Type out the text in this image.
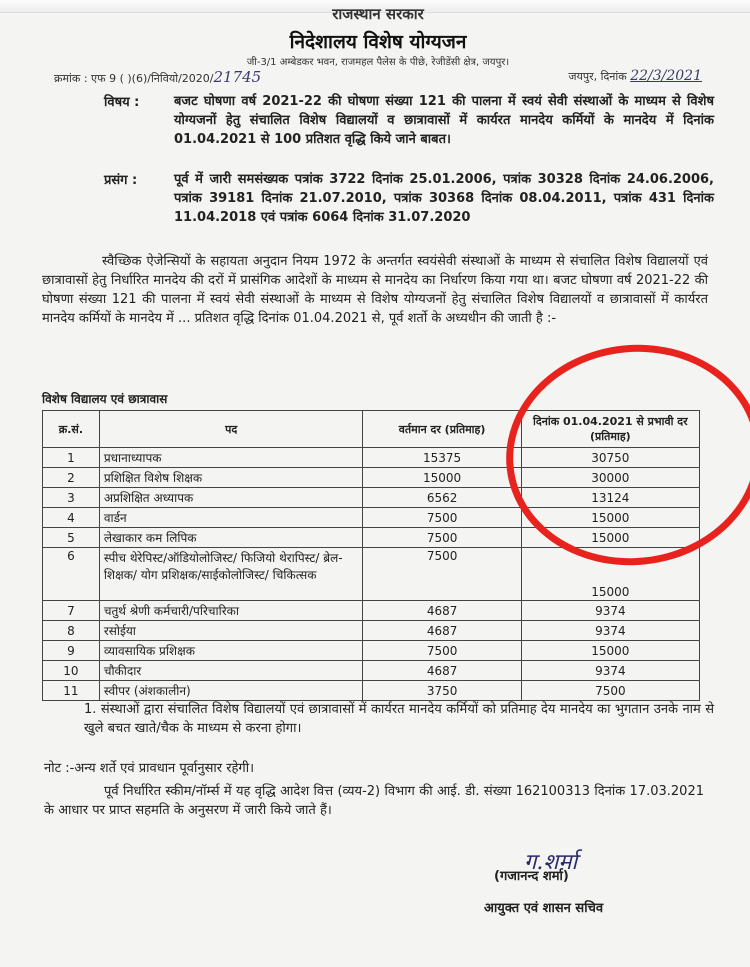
राजस्थान सरकार
निदेशालय विशेष योग्यजन
जी-3/1 अम्बेडकर भवन, राजमहल पैलेस के पीछे, रेजीडेंसी क्षेत्र, जयपुर।
क्रमांक : एफ 9 ( )(6)/निवियो/2020/21745	जयपुर, दिनांक 22/3/2021
विषय :	बजट घोषणा वर्ष 2021-22 की घोषणा संख्या 121 की पालना में स्वयं सेवी संस्थाओं के माध्यम से विशेष योग्यजनों हेतु संचालित विशेष विद्यालयों व छात्रावासों में कार्यरत मानदेय कर्मियों के मानदेय में दिनांक 01.04.2021 से 100 प्रतिशत वृद्धि किये जाने बाबत।
प्रसंग :	पूर्व में जारी समसंख्यक पत्रांक 3722 दिनांक 25.01.2006, पत्रांक 30328 दिनांक 24.06.2006, पत्रांक 39181 दिनांक 21.07.2010, पत्रांक 30368 दिनांक 08.04.2011, पत्रांक 431 दिनांक 11.04.2018 एवं पत्रांक 6064 दिनांक 31.07.2020
स्वैच्छिक ऐजेन्सियों के सहायता अनुदान नियम 1972 के अन्तर्गत स्वयंसेवी संस्थाओं के माध्यम से संचालित विशेष विद्यालयों एवं छात्रावासों हेतु निर्धारित मानदेय की दरों में प्रासंगिक आदेशों के माध्यम से मानदेय का निर्धारण किया गया था। बजट घोषणा वर्ष 2021-22 की घोषणा संख्या 121 की पालना में स्वयं सेवी संस्थाओं के माध्यम से विशेष योग्यजनों हेतु संचालित विशेष विद्यालयों व छात्रावासों में कार्यरत मानदेय कर्मियों के मानदेय में ... प्रतिशत वृद्धि दिनांक 01.04.2021 से, पूर्व शर्तो के अध्यधीन की जाती है :-
विशेष विद्यालय एवं छात्रावास
क्र.सं.	पद	वर्तमान दर (प्रतिमाह)	दिनांक 01.04.2021 से प्रभावी दर (प्रतिमाह)
1	प्रधानाध्यापक	15375	30750
2	प्रशिक्षित विशेष शिक्षक	15000	30000
3	अप्रशिक्षित अध्यापक	6562	13124
4	वार्डन	7500	15000
5	लेखाकार कम लिपिक	7500	15000
6	स्पीच थेरेपिस्ट/ऑडियोलोजिस्ट/ फिजियो थेरापिस्ट/ ब्रेल-शिक्षक/ योग प्रशिक्षक/साईकोलोजिस्ट/ चिकित्सक	7500	15000
7	चतुर्थ श्रेणी कर्मचारी/परिचारिका	4687	9374
8	रसोईया	4687	9374
9	व्यावसायिक प्रशिक्षक	7500	15000
10	चौकीदार	4687	9374
11	स्वीपर (अंशकालीन)	3750	7500
1. संस्थाओं द्वारा संचालित विशेष विद्यालयों एवं छात्रावासों में कार्यरत मानदेय कर्मियों को प्रतिमाह देय मानदेय का भुगतान उनके नाम से खुले बचत खाते/चैक के माध्यम से करना होगा।
नोट :-अन्य शर्ते एवं प्रावधान पूर्वानुसार रहेगी।
पूर्व निर्धारित स्कीम/नॉर्म्स में यह वृद्धि आदेश वित्त (व्यय-2) विभाग की आई. डी. संख्या 162100313 दिनांक 17.03.2021 के आधार पर प्राप्त सहमति के अनुसरण में जारी किये जाते हैं।
ग.शर्मा
(गजानन्द शर्मा)
आयुक्त एवं शासन सचिव
